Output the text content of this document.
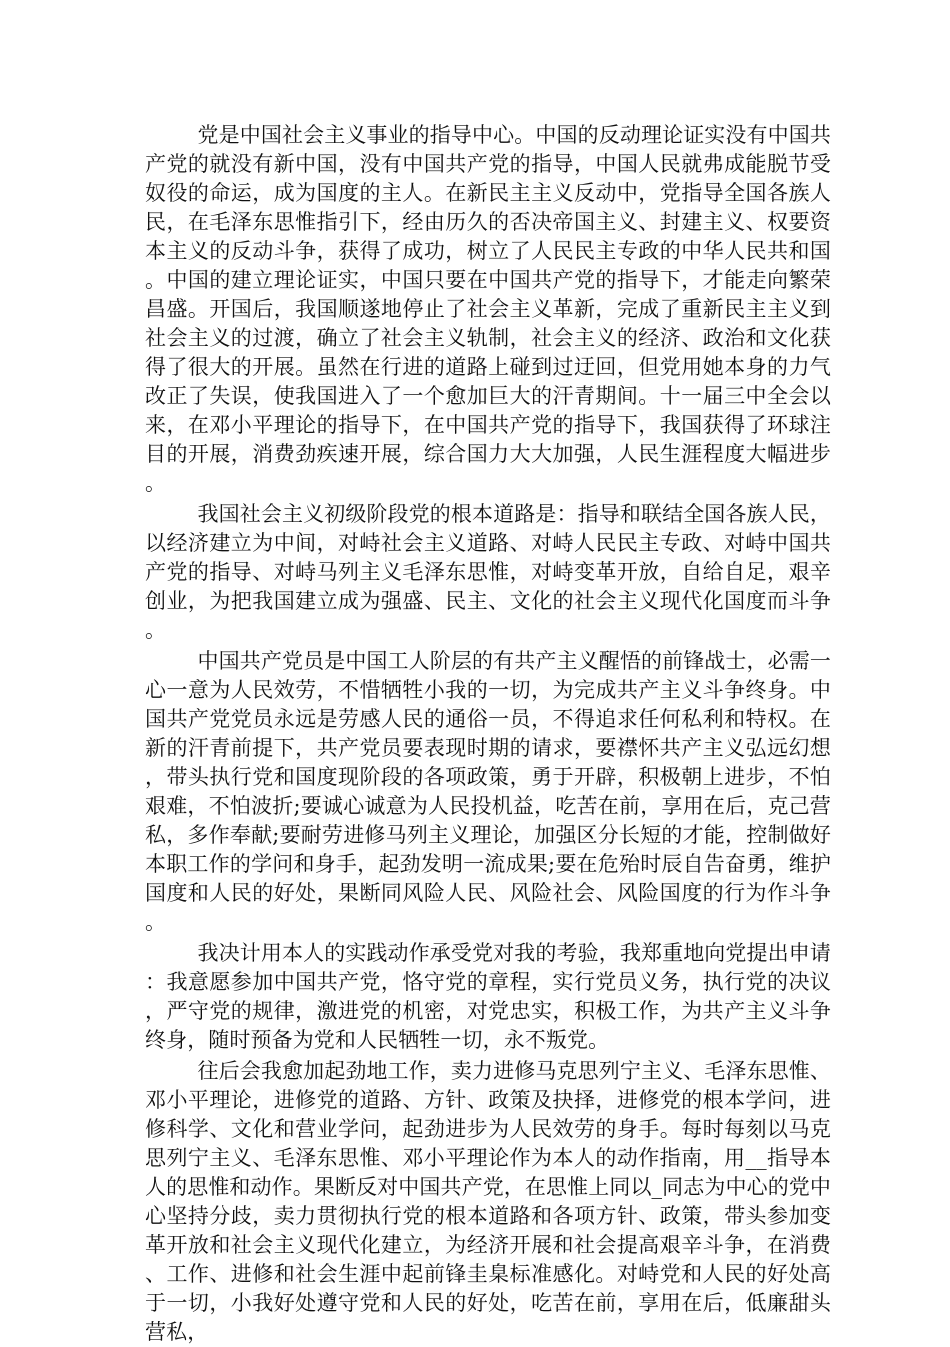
党是中国社会主义事业的指导中心。中国的反动理论证实没有中国共产党的就没有新中国，没有中国共产党的指导，中国人民就弗成能脱节受奴役的命运，成为国度的主人。在新民主主义反动中，党指导全国各族人民，在毛泽东思惟指引下，经由历久的否决帝国主义、封建主义、权要资本主义的反动斗争，获得了成功，树立了人民民主专政的中华人民共和国。中国的建立理论证实，中国只要在中国共产党的指导下，才能走向繁荣昌盛。开国后，我国顺遂地停止了社会主义革新，完成了重新民主主义到社会主义的过渡，确立了社会主义轨制，社会主义的经济、政治和文化获得了很大的开展。虽然在行进的道路上碰到过迂回，但党用她本身的力气改正了失误，使我国进入了一个愈加巨大的汗青期间。十一届三中全会以来，在邓小平理论的指导下，在中国共产党的指导下，我国获得了环球注目的开展，消费劲疾速开展，综合国力大大加强，人民生涯程度大幅进步。

我国社会主义初级阶段党的根本道路是：指导和联结全国各族人民，以经济建立为中间，对峙社会主义道路、对峙人民民主专政、对峙中国共产党的指导、对峙马列主义毛泽东思惟，对峙变革开放，自给自足，艰辛创业，为把我国建立成为强盛、民主、文化的社会主义现代化国度而斗争。

中国共产党员是中国工人阶层的有共产主义醒悟的前锋战士，必需一心一意为人民效劳，不惜牺牲小我的一切，为完成共产主义斗争终身。中国共产党党员永远是劳感人民的通俗一员，不得追求任何私利和特权。在新的汗青前提下，共产党员要表现时期的请求，要襟怀共产主义弘远幻想，带头执行党和国度现阶段的各项政策，勇于开辟，积极朝上进步，不怕艰难，不怕波折;要诚心诚意为人民投机益，吃苦在前，享用在后，克己营私，多作奉献;要耐劳进修马列主义理论，加强区分长短的才能，控制做好本职工作的学问和身手，起劲发明一流成果;要在危殆时辰自告奋勇，维护国度和人民的好处，果断同风险人民、风险社会、风险国度的行为作斗争。

我决计用本人的实践动作承受党对我的考验，我郑重地向党提出申请：我意愿参加中国共产党，恪守党的章程，实行党员义务，执行党的决议，严守党的规律，激进党的机密，对党忠实，积极工作，为共产主义斗争终身，随时预备为党和人民牺牲一切，永不叛党。

往后会我愈加起劲地工作，卖力进修马克思列宁主义、毛泽东思惟、邓小平理论，进修党的道路、方针、政策及抉择，进修党的根本学问，进修科学、文化和营业学问，起劲进步为人民效劳的身手。每时每刻以马克思列宁主义、毛泽东思惟、邓小平理论作为本人的动作指南，用__指导本人的思惟和动作。果断反对中国共产党，在思惟上同以_同志为中心的党中心坚持分歧，卖力贯彻执行党的根本道路和各项方针、政策，带头参加变革开放和社会主义现代化建立，为经济开展和社会提高艰辛斗争，在消费、工作、进修和社会生涯中起前锋圭臬标准感化。对峙党和人民的好处高于一切，小我好处遵守党和人民的好处，吃苦在前，享用在后，低廉甜头营私，
